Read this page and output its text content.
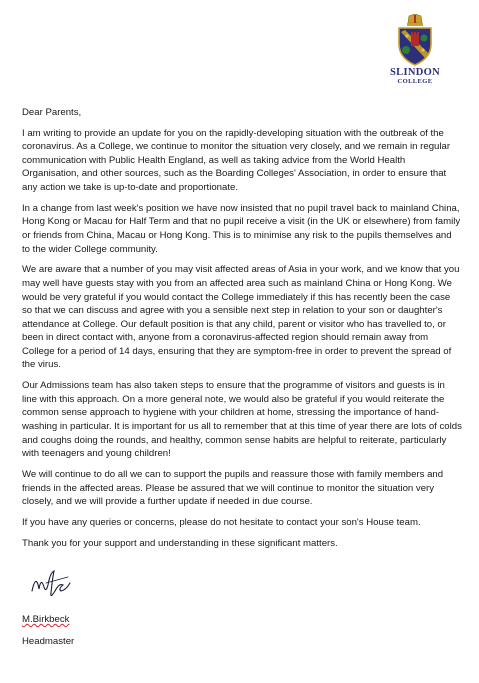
SLINDON
COLLEGE
Dear Parents,

I am writing to provide an update for you on the rapidly-developing situation with the outbreak of the coronavirus. As a College, we continue to monitor the situation very closely, and we remain in regular communication with Public Health England, as well as taking advice from the World Health Organisation, and other sources, such as the Boarding Colleges' Association, in order to ensure that any action we take is up-to-date and proportionate.

In a change from last week's position we have now insisted that no pupil travel back to mainland China, Hong Kong or Macau for Half Term and that no pupil receive a visit (in the UK or elsewhere) from family or friends from China, Macau or Hong Kong. This is to minimise any risk to the pupils themselves and to the wider College community.

We are aware that a number of you may visit affected areas of Asia in your work, and we know that you may well have guests stay with you from an affected area such as mainland China or Hong Kong. We would be very grateful if you would contact the College immediately if this has recently been the case so that we can discuss and agree with you a sensible next step in relation to your son or daughter's attendance at College. Our default position is that any child, parent or visitor who has travelled to, or been in direct contact with, anyone from a coronavirus-affected region should remain away from College for a period of 14 days, ensuring that they are symptom-free in order to prevent the spread of the virus.

Our Admissions team has also taken steps to ensure that the programme of visitors and guests is in line with this approach. On a more general note, we would also be grateful if you would reiterate the common sense approach to hygiene with your children at home, stressing the importance of hand-washing in particular. It is important for us all to remember that at this time of year there are lots of colds and coughs doing the rounds, and healthy, common sense habits are helpful to reiterate, particularly with teenagers and young children!

We will continue to do all we can to support the pupils and reassure those with family members and friends in the affected areas. Please be assured that we will continue to monitor the situation very closely, and we will provide a further update if needed in due course.

If you have any queries or concerns, please do not hesitate to contact your son's House team.

Thank you for your support and understanding in these significant matters.

M.Birkbeck
Headmaster
